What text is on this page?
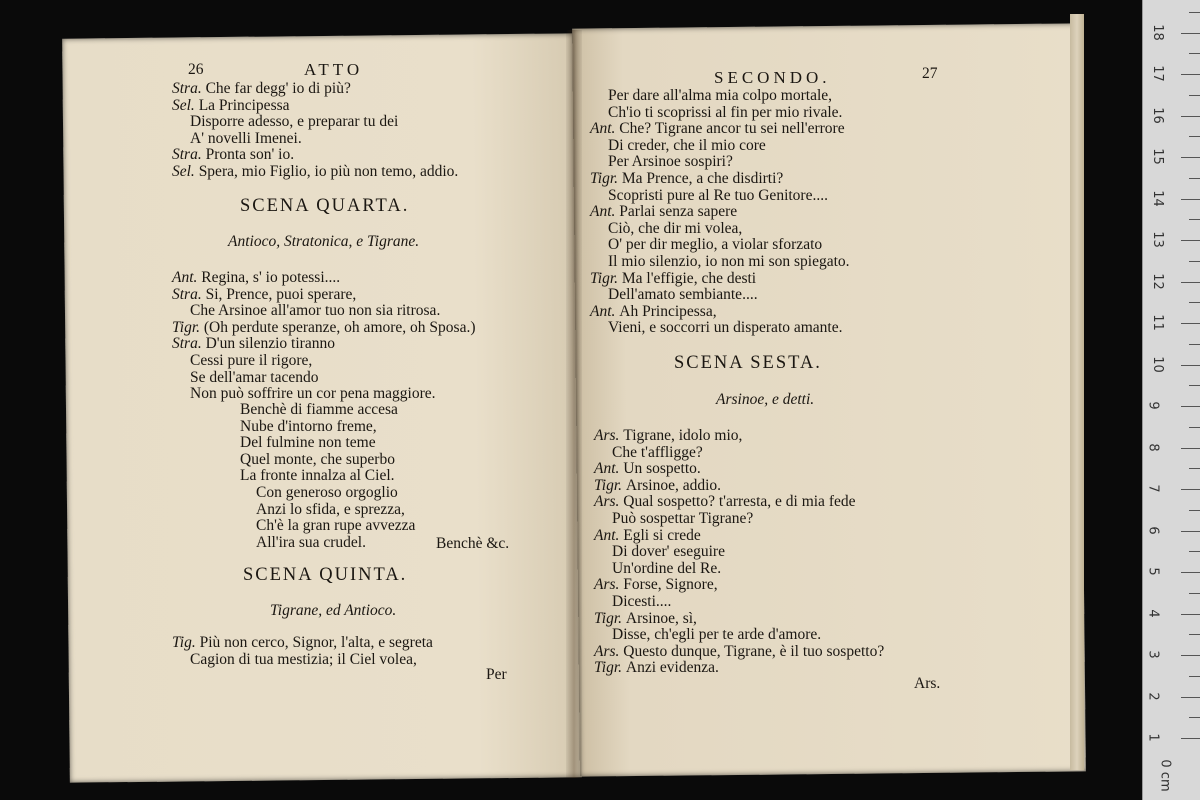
26	ATTO
Stra. Che far degg' io di più?
Sel. La Principessa
Disporre adesso, e preparar tu dei
A' novelli Imenei.
Stra. Pronta son' io.
Sel. Spera, mio Figlio, io più non temo, addio.
SCENA QUARTA.
Antioco, Stratonica, e Tigrane.
Ant. Regina, s' io potessi....
Stra. Si, Prence, puoi sperare,
Che Arsinoe all'amor tuo non sia ritrosa.
Tigr. (Oh perdute speranze, oh amore, oh Sposa.)
Stra. D'un silenzio tiranno
Cessi pure il rigore,
Se dell'amar tacendo
Non può soffrire un cor pena maggiore.
Benchè di fiamme accesa
Nube d'intorno freme,
Del fulmine non teme
Quel monte, che superbo
La fronte innalza al Ciel.
Con generoso orgoglio
Anzi lo sfida, e sprezza,
Ch'è la gran rupe avvezza
All'ira sua crudel.	Benchè &c.
SCENA QUINTA.
Tigrane, ed Antioco.
Tig. Più non cerco, Signor, l'alta, e segreta
Cagion di tua mestizia; il Ciel volea,
Per
SECONDO.	27
Per dare all'alma mia colpo mortale,
Ch'io ti scoprissi al fin per mio rivale.
Ant. Che? Tigrane ancor tu sei nell'errore
Di creder, che il mio core
Per Arsinoe sospiri?
Tigr. Ma Prence, a che disdirti?
Scopristi pure al Re tuo Genitore....
Ant. Parlai senza sapere
Ciò, che dir mi volea,
O' per dir meglio, a violar sforzato
Il mio silenzio, io non mi son spiegato.
Tigr. Ma l'effigie, che desti
Dell'amato sembiante....
Ant. Ah Principessa,
Vieni, e soccorri un disperato amante.
SCENA SESTA.
Arsinoe, e detti.
Ars. Tigrane, idolo mio,
Che t'affligge?
Ant. Un sospetto.
Tigr. Arsinoe, addio.
Ars. Qual sospetto? t'arresta, e di mia fede
Può sospettar Tigrane?
Ant. Egli si crede
Di dover' eseguire
Un'ordine del Re.
Ars. Forse, Signore,
Dicesti....
Tigr. Arsinoe, sì,
Disse, ch'egli per te arde d'amore.
Ars. Questo dunque, Tigrane, è il tuo sospetto?
Tigr. Anzi evidenza.
Ars.
0 cm
1
2
3
4
5
6
7
8
9
10
11
12
13
14
15
16
17
18
